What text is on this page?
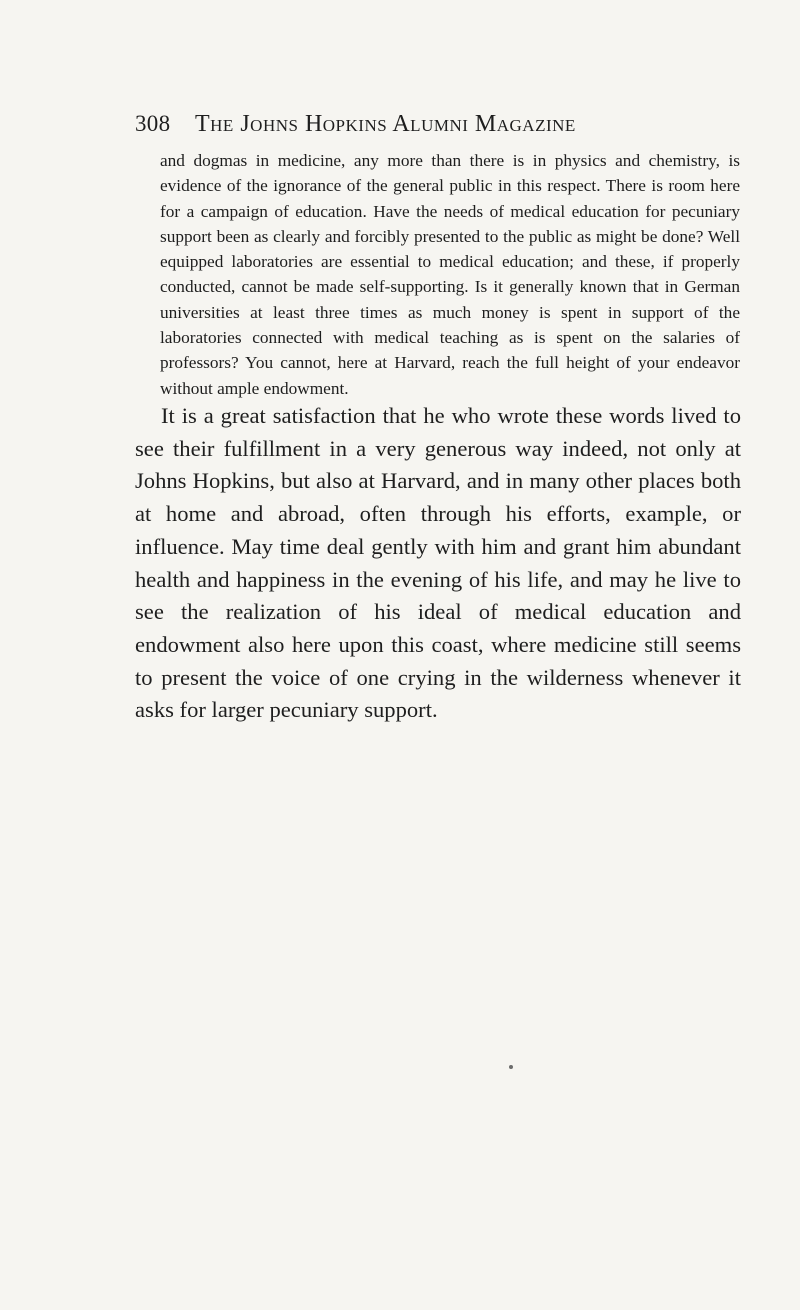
308	The Johns Hopkins Alumni Magazine

and dogmas in medicine, any more than there is in physics and chemistry, is evidence of the ignorance of the general public in this respect. There is room here for a campaign of education. Have the needs of medical education for pecuniary support been as clearly and forcibly presented to the public as might be done? Well equipped laboratories are essential to medical education; and these, if properly conducted, cannot be made self-supporting. Is it generally known that in German universities at least three times as much money is spent in support of the laboratories connected with medical teaching as is spent on the salaries of professors? You cannot, here at Harvard, reach the full height of your endeavor without ample endowment.

It is a great satisfaction that he who wrote these words lived to see their fulfillment in a very generous way indeed, not only at Johns Hopkins, but also at Harvard, and in many other places both at home and abroad, often through his efforts, example, or influence. May time deal gently with him and grant him abundant health and happiness in the evening of his life, and may he live to see the realization of his ideal of medical education and endowment also here upon this coast, where medicine still seems to present the voice of one crying in the wilderness whenever it asks for larger pecuniary support.
